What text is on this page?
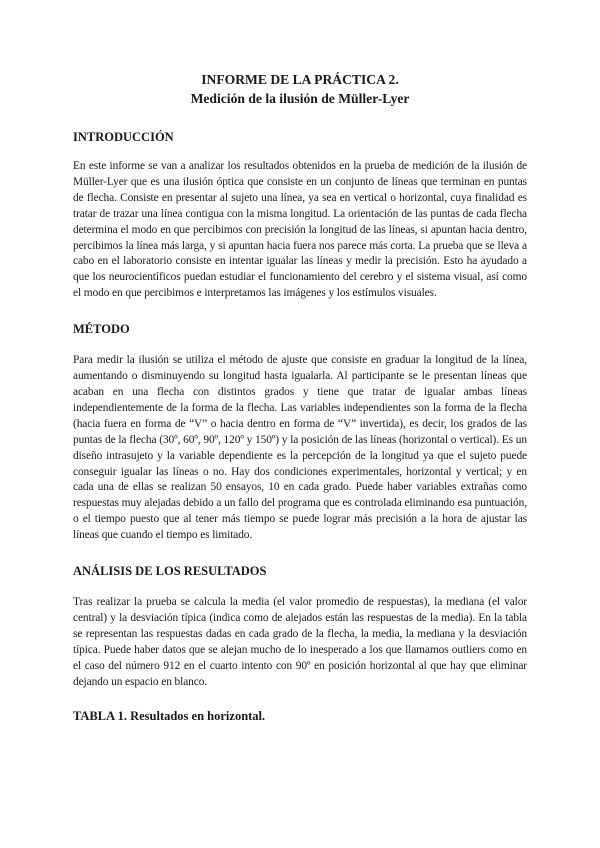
INFORME DE LA PRÁCTICA 2.

Medición de la ilusión de Müller-Lyer

INTRODUCCIÓN

En este informe se van a analizar los resultados obtenidos en la prueba de medición de la ilusión de Müller-Lyer que es una ilusión óptica que consiste en un conjunto de líneas que terminan en puntas de flecha. Consiste en presentar al sujeto una línea, ya sea en vertical o horizontal, cuya finalidad es tratar de trazar una línea contigua con la misma longitud. La orientación de las puntas de cada flecha determina el modo en que percibimos con precisión la longitud de las líneas, si apuntan hacia dentro, percibimos la línea más larga, y si apuntan hacia fuera nos parece más corta. La prueba que se lleva a cabo en el laboratorio consiste en intentar igualar las líneas y medir la precisión. Esto ha ayudado a que los neurocientíficos puedan estudiar el funcionamiento del cerebro y el sistema visual, así como el modo en que percibimos e interpretamos las imágenes y los estímulos visuales.

MÉTODO

Para medir la ilusión se utiliza el método de ajuste que consiste en graduar la longitud de la línea, aumentando o disminuyendo su longitud hasta igualarla. Al participante se le presentan líneas que acaban en una flecha con distintos grados y tiene que tratar de igualar ambas líneas independientemente de la forma de la flecha. Las variables independientes son la forma de la flecha (hacia fuera en forma de “V” o hacia dentro en forma de “V” invertida), es decir, los grados de las puntas de la flecha (30º, 60º, 90º, 120º y 150º) y la posición de las líneas (horizontal o vertical). Es un diseño intrasujeto y la variable dependiente es la percepción de la longitud ya que el sujeto puede conseguir igualar las líneas o no. Hay dos condiciones experimentales, horizontal y vertical; y en cada una de ellas se realizan 50 ensayos, 10 en cada grado. Puede haber variables extrañas como respuestas muy alejadas debido a un fallo del programa que es controlada eliminando esa puntuación, o el tiempo puesto que al tener más tiempo se puede lograr más precisión a la hora de ajustar las líneas que cuando el tiempo es limitado.

ANÁLISIS DE LOS RESULTADOS

Tras realizar la prueba se calcula la media (el valor promedio de respuestas), la mediana (el valor central) y la desviación típica (indica como de alejados están las respuestas de la media). En la tabla se representan las respuestas dadas en cada grado de la flecha, la media, la mediana y la desviación típica. Puede haber datos que se alejan mucho de lo inesperado a los que llamamos outliers como en el caso del número 912 en el cuarto intento con 90º en posición horizontal al que hay que eliminar dejando un espacio en blanco.

TABLA 1. Resultados en horizontal.
